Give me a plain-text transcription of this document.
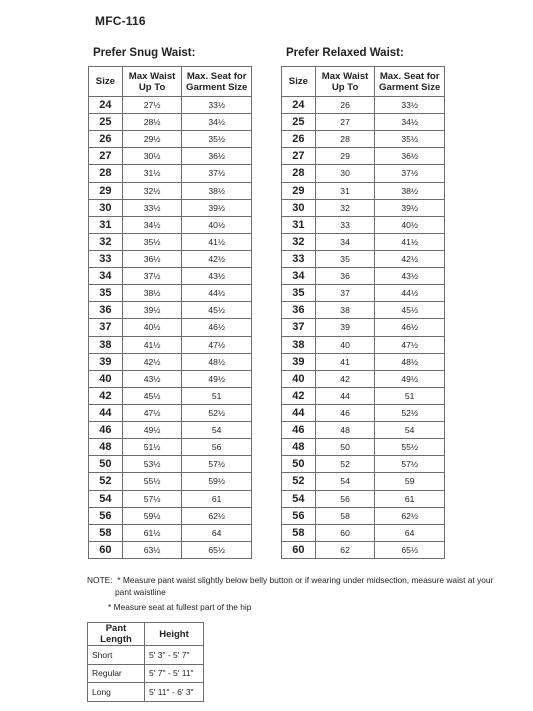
MFC-116
Prefer Snug Waist:	Prefer Relaxed Waist:
Size	Max Waist Up To	Max. Seat for Garment Size
24	27½	33½
25	28½	34½
26	29½	35½
27	30½	36½
28	31½	37½
29	32½	38½
30	33½	39½
31	34½	40½
32	35½	41½
33	36½	42½
34	37½	43½
35	38½	44½
36	39½	45½
37	40½	46½
38	41½	47½
39	42½	48½
40	43½	49½
42	45½	51
44	47½	52½
46	49½	54
48	51½	56
50	53½	57½
52	55½	59½
54	57½	61
56	59½	62½
58	61½	64
60	63½	65½
Size	Max Waist Up To	Max. Seat for Garment Size
24	26	33½
25	27	34½
26	28	35½
27	29	36½
28	30	37½
29	31	38½
30	32	39½
31	33	40½
32	34	41½
33	35	42½
34	36	43½
35	37	44½
36	38	45½
37	39	46½
38	40	47½
39	41	48½
40	42	49½
42	44	51
44	46	52½
46	48	54
48	50	55½
50	52	57½
52	54	59
54	56	61
56	58	62½
58	60	64
60	62	65½
NOTE: * Measure pant waist slightly below belly button or if wearing under midsection, measure waist at your
pant waistline
* Measure seat at fullest part of the hip
Pant Length	Height
Short	5' 3" - 5' 7"
Regular	5' 7" - 5' 11"
Long	5' 11" - 6' 3"
